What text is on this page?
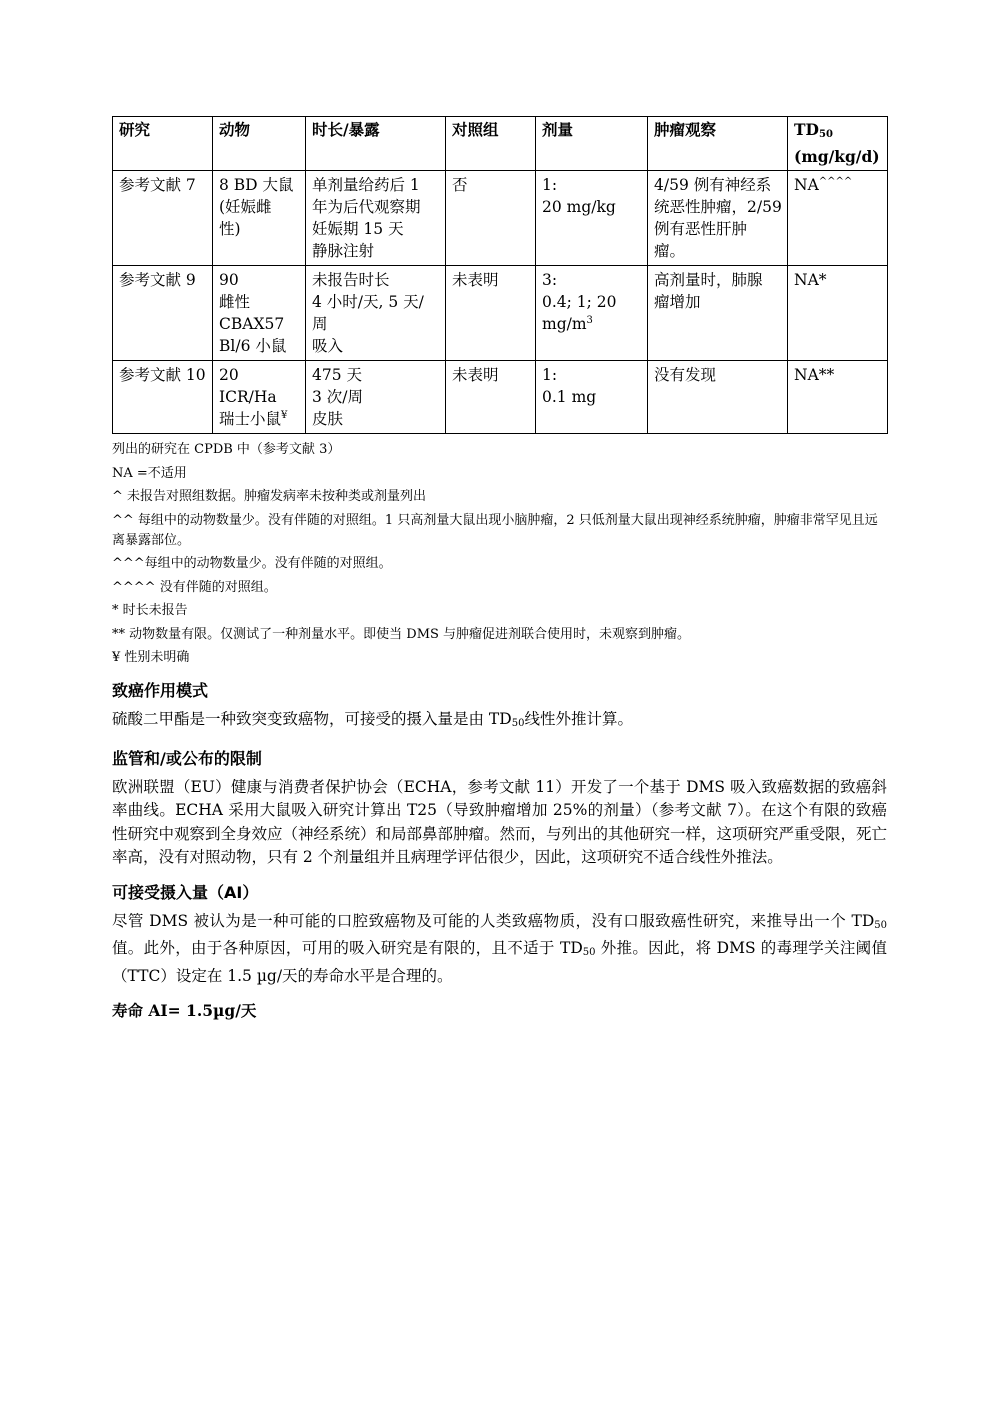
研究	动物	时长/暴露	对照组	剂量	肿瘤观察	$TD_{50}$
(mg/kg/d)
参考文献 7	8 BD 大鼠
(妊娠雌
性)	单剂量给药后 1
年为后代观察期
妊娠期 15 天
静脉注射	否	1:
20 mg/kg	4/59 例有神经系
统恶性肿瘤，2/59
例有恶性肝肿
瘤。	NA^^^^
参考文献 9	90
雌性
CBAX57
Bl/6 小鼠	未报告时长
4 小时/天, 5 天/
周
吸入	未表明	3:
0.4; 1; 20
$mg/m^3$	高剂量时，肺腺
瘤增加	NA*
参考文献 10	20
ICR/Ha
瑞士小鼠¥	475 天
3 次/周
皮肤	未表明	1:
0.1 mg	没有发现	NA**
列出的研究在 CPDB 中（参考文献 3）
NA =不适用
^ 未报告对照组数据。肿瘤发病率未按种类或剂量列出
^^ 每组中的动物数量少。没有伴随的对照组。1 只高剂量大鼠出现小脑肿瘤，2 只低剂量大鼠出现神经系统肿瘤，肿瘤非常罕见且远离暴露部位。
^^^每组中的动物数量少。没有伴随的对照组。
^^^^ 没有伴随的对照组。
* 时长未报告
** 动物数量有限。仅测试了一种剂量水平。即使当 DMS 与肿瘤促进剂联合使用时，未观察到肿瘤。
¥ 性别未明确
致癌作用模式

硫酸二甲酯是一种致突变致癌物，可接受的摄入量是由 $TD_{50}$线性外推计算。

监管和/或公布的限制

欧洲联盟（EU）健康与消费者保护协会（ECHA，参考文献 11）开发了一个基于 DMS 吸入致癌数据的致癌斜率曲线。ECHA 采用大鼠吸入研究计算出 T25（导致肿瘤增加 25%的剂量）（参考文献 7）。在这个有限的致癌性研究中观察到全身效应（神经系统）和局部鼻部肿瘤。然而，与列出的其他研究一样，这项研究严重受限，死亡率高，没有对照动物，只有 2 个剂量组并且病理学评估很少，因此，这项研究不适合线性外推法。

可接受摄入量（AI）

尽管 DMS 被认为是一种可能的口腔致癌物及可能的人类致癌物质，没有口服致癌性研究，来推导出一个 $TD_{50}$ 值。此外，由于各种原因，可用的吸入研究是有限的，且不适于 $TD_{50}$ 外推。因此，将 DMS 的毒理学关注阈值（TTC）设定在 1.5 µg/天的寿命水平是合理的。

寿命 AI= 1.5µg/天
